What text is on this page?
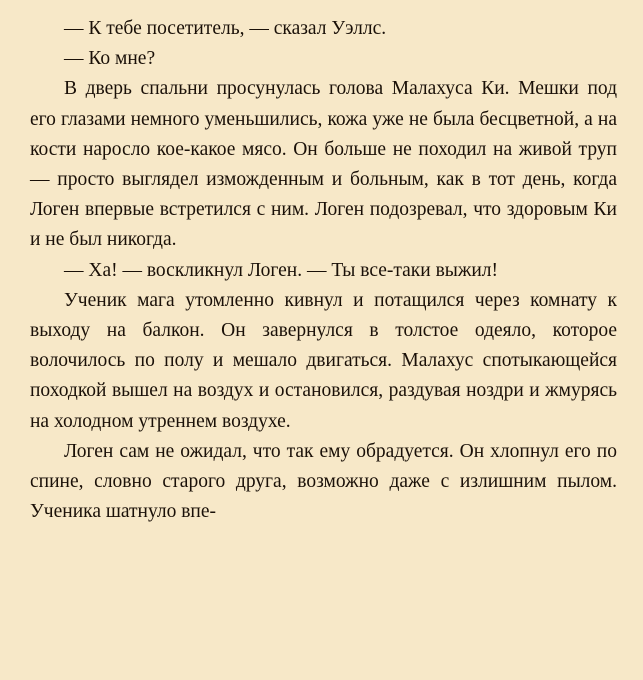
— К тебе посетитель, — сказал Уэллс.

— Ко мне?

В дверь спальни просунулась голова Малахуса Ки. Мешки под его глазами немного уменьшились, кожа уже не была бесцветной, а на кости наросло кое-какое мясо. Он больше не походил на живой труп — просто выглядел изможденным и больным, как в тот день, когда Логен впервые встретился с ним. Логен подозревал, что здоровым Ки и не был никогда.

— Ха! — воскликнул Логен. — Ты все-таки выжил!

Ученик мага утомленно кивнул и потащился через комнату к выходу на балкон. Он завернулся в толстое одеяло, которое волочилось по полу и мешало двигаться. Малахус спотыкающейся походкой вышел на воздух и остановился, раздувая ноздри и жмурясь на холодном утреннем воздухе.

Логен сам не ожидал, что так ему обрадуется. Он хлопнул его по спине, словно старого друга, возможно даже с излишним пылом. Ученика шатнуло впе-
